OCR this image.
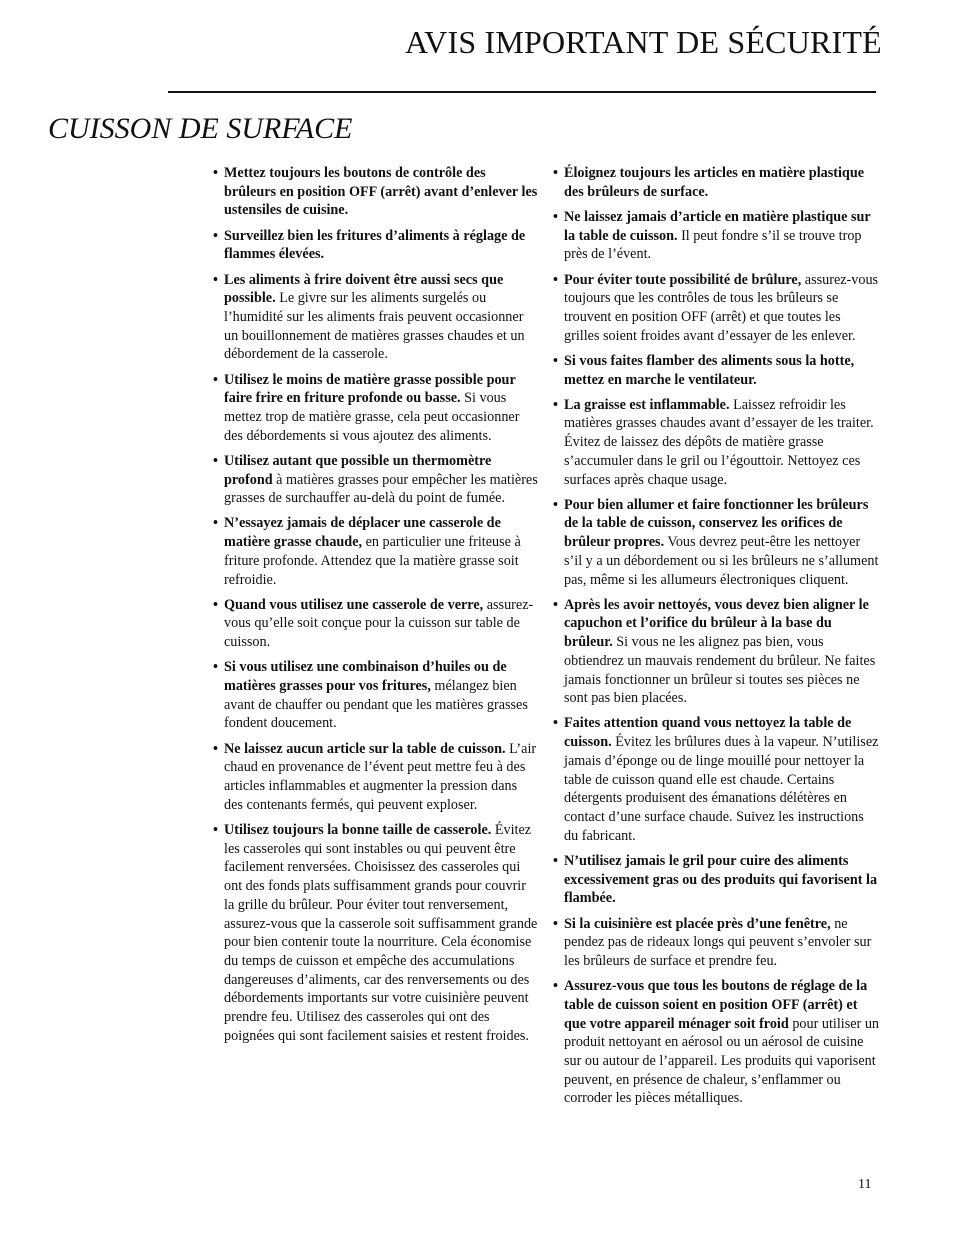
AVIS IMPORTANT DE SÉCURITÉ
CUISSON DE SURFACE
• Mettez toujours les boutons de contrôle des brûleurs en position OFF (arrêt) avant d’enlever les ustensiles de cuisine.
• Surveillez bien les fritures d’aliments à réglage de flammes élevées.
• Les aliments à frire doivent être aussi secs que possible. Le givre sur les aliments surgelés ou l’humidité sur les aliments frais peuvent occasionner un bouillonnement de matières grasses chaudes et un débordement de la casserole.
• Utilisez le moins de matière grasse possible pour faire frire en friture profonde ou basse. Si vous mettez trop de matière grasse, cela peut occasionner des débordements si vous ajoutez des aliments.
• Utilisez autant que possible un thermomètre profond à matières grasses pour empêcher les matières grasses de surchauffer au-delà du point de fumée.
• N’essayez jamais de déplacer une casserole de matière grasse chaude, en particulier une friteuse à friture profonde. Attendez que la matière grasse soit refroidie.
• Quand vous utilisez une casserole de verre, assurez-vous qu’elle soit conçue pour la cuisson sur table de cuisson.
• Si vous utilisez une combinaison d’huiles ou de matières grasses pour vos fritures, mélangez bien avant de chauffer ou pendant que les matières grasses fondent doucement.
• Ne laissez aucun article sur la table de cuisson. L’air chaud en provenance de l’évent peut mettre feu à des articles inflammables et augmenter la pression dans des contenants fermés, qui peuvent exploser.
• Utilisez toujours la bonne taille de casserole. Évitez les casseroles qui sont instables ou qui peuvent être facilement renversées. Choisissez des casseroles qui ont des fonds plats suffisamment grands pour couvrir la grille du brûleur. Pour éviter tout renversement, assurez-vous que la casserole soit suffisamment grande pour bien contenir toute la nourriture. Cela économise du temps de cuisson et empêche des accumulations dangereuses d’aliments, car des renversements ou des débordements importants sur votre cuisinière peuvent prendre feu. Utilisez des casseroles qui ont des poignées qui sont facilement saisies et restent froides.
• Éloignez toujours les articles en matière plastique des brûleurs de surface.
• Ne laissez jamais d’article en matière plastique sur la table de cuisson. Il peut fondre s’il se trouve trop près de l’évent.
• Pour éviter toute possibilité de brûlure, assurez-vous toujours que les contrôles de tous les brûleurs se trouvent en position OFF (arrêt) et que toutes les grilles soient froides avant d’essayer de les enlever.
• Si vous faites flamber des aliments sous la hotte, mettez en marche le ventilateur.
• La graisse est inflammable. Laissez refroidir les matières grasses chaudes avant d’essayer de les traiter. Évitez de laissez des dépôts de matière grasse s’accumuler dans le gril ou l’égouttoir. Nettoyez ces surfaces après chaque usage.
• Pour bien allumer et faire fonctionner les brûleurs de la table de cuisson, conservez les orifices de brûleur propres. Vous devrez peut-être les nettoyer s’il y a un débordement ou si les brûleurs ne s’allument pas, même si les allumeurs électroniques cliquent.
• Après les avoir nettoyés, vous devez bien aligner le capuchon et l’orifice du brûleur à la base du brûleur. Si vous ne les alignez pas bien, vous obtiendrez un mauvais rendement du brûleur. Ne faites jamais fonctionner un brûleur si toutes ses pièces ne sont pas bien placées.
• Faites attention quand vous nettoyez la table de cuisson. Évitez les brûlures dues à la vapeur. N’utilisez jamais d’éponge ou de linge mouillé pour nettoyer la table de cuisson quand elle est chaude. Certains détergents produisent des émanations délétères en contact d’une surface chaude. Suivez les instructions du fabricant.
• N’utilisez jamais le gril pour cuire des aliments excessivement gras ou des produits qui favorisent la flambée.
• Si la cuisinière est placée près d’une fenêtre, ne pendez pas de rideaux longs qui peuvent s’envoler sur les brûleurs de surface et prendre feu.
• Assurez-vous que tous les boutons de réglage de la table de cuisson soient en position OFF (arrêt) et que votre appareil ménager soit froid pour utiliser un produit nettoyant en aérosol ou un aérosol de cuisine sur ou autour de l’appareil. Les produits qui vaporisent peuvent, en présence de chaleur, s’enflammer ou corroder les pièces métalliques.
11
